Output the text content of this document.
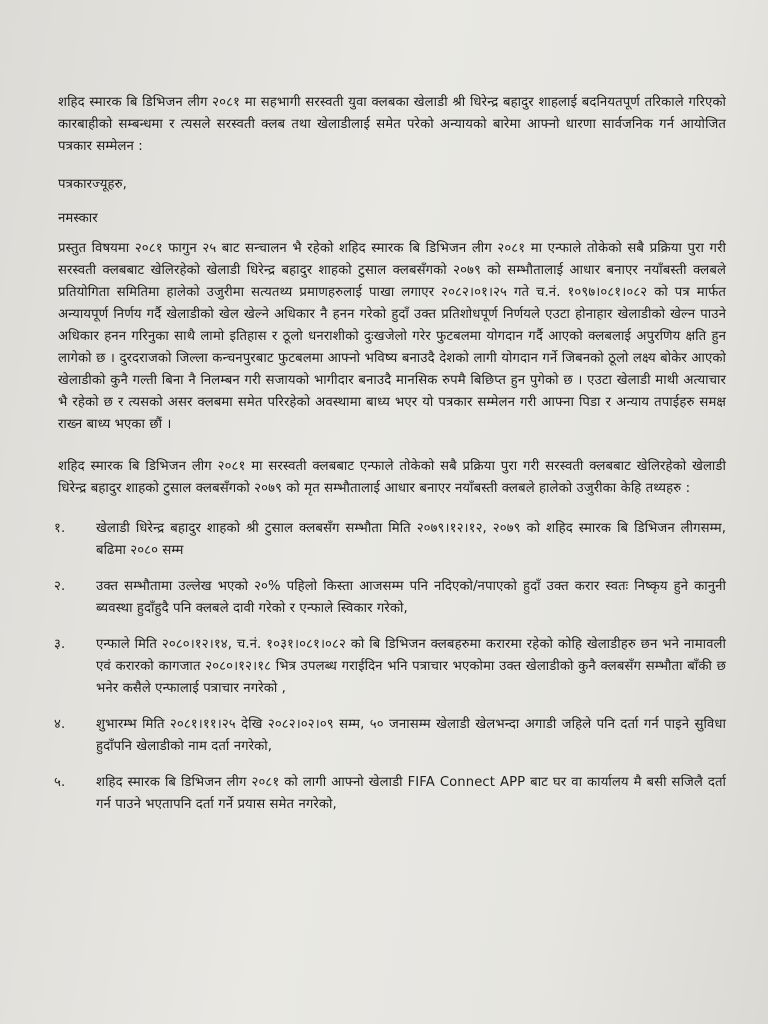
शहिद स्मारक बि डिभिजन लीग २०८१ मा सहभागी सरस्वती युवा क्लबका खेलाडी श्री धिरेन्द्र बहादुर शाहलाई बदनियतपूर्ण तरिकाले गरिएको कारबाहीको सम्बन्धमा र त्यसले सरस्वती क्लब तथा खेलाडीलाई समेत परेको अन्यायको बारेमा आफ्नो धारणा सार्वजनिक गर्न आयोजित पत्रकार सम्मेलन :

पत्रकारज्यूहरु,

नमस्कार

प्रस्तुत विषयमा २०८१ फागुन २५ बाट सन्चालन भै रहेको शहिद स्मारक बि डिभिजन लीग २०८१ मा एन्फाले तोकेको सबै प्रक्रिया पुरा गरी सरस्वती क्लबबाट खेलिरहेको खेलाडी धिरेन्द्र बहादुर शाहको टुसाल क्लबसँगको २०७९ को सम्भौतालाई आधार बनाएर नयाँबस्ती क्लबले प्रतियोगिता समितिमा हालेको उजुरीमा सत्यतथ्य प्रमाणहरुलाई पाखा लगाएर २०८२।०१।२५ गते च.नं. १०९७।०८१।०८२ को पत्र मार्फत अन्यायपूर्ण निर्णय गर्दै खेलाडीको खेल खेल्ने अधिकार नै हनन गरेको हुदाँ उक्त प्रतिशोधपूर्ण निर्णयले एउटा होनाहार खेलाडीको खेल्न पाउने अधिकार हनन गरिनुका साथै लामो इतिहास र ठूलो धनराशीको दुःखजेलो गरेर फुटबलमा योगदान गर्दै आएको क्लबलाई अपुरणिय क्षति हुन लागेको छ । दुरदराजको जिल्ला कन्चनपुरबाट फुटबलमा आफ्नो भविष्य बनाउदै देशको लागी योगदान गर्ने जिबनको ठूलो लक्ष्य बोकेर आएको खेलाडीको कुनै गल्ती बिना नै निलम्बन गरी सजायको भागीदार बनाउदै मानसिक रुपमै बिछिप्त हुन पुगेको छ । एउटा खेलाडी माथी अत्याचार भै रहेको छ र त्यसको असर क्लबमा समेत परिरहेको अवस्थामा बाध्य भएर यो पत्रकार सम्मेलन गरी आफ्ना पिडा र अन्याय तपाईहरु समक्ष राख्न बाध्य भएका छौं ।

शहिद स्मारक बि डिभिजन लीग २०८१ मा सरस्वती क्लबबाट एन्फाले तोकेको सबै प्रक्रिया पुरा गरी सरस्वती क्लबबाट खेलिरहेको खेलाडी धिरेन्द्र बहादुर शाहको टुसाल क्लबसँगको २०७९ को मृत सम्भौतालाई आधार बनाएर नयाँबस्ती क्लबले हालेको उजुरीका केहि तथ्यहरु :

१.	खेलाडी धिरेन्द्र बहादुर शाहको श्री टुसाल क्लबसँग सम्भौता मिति २०७९।१२।१२, २०७९ को शहिद स्मारक बि डिभिजन लीगसम्म, बढिमा २०८० सम्म
२.	उक्त सम्भौतामा उल्लेख भएको २०% पहिलो किस्ता आजसम्म पनि नदिएको/नपाएको हुदाँ उक्त करार स्वतः निष्कृय हुने कानुनी ब्यवस्था हुदाँहुदै पनि क्लबले दावी गरेको र एन्फाले स्विकार गरेको,
३.	एन्फाले मिति २०८०।१२।१४, च.नं. १०३१।०८१।०८२ को बि डिभिजन क्लबहरुमा करारमा रहेको कोहि खेलाडीहरु छन भने नामावली एवं करारको कागजात २०८०।१२।१८ भित्र उपलब्ध गराईदिन भनि पत्राचार भएकोमा उक्त खेलाडीको कुनै क्लबसँग सम्भौता बाँकी छ भनेर कसैले एन्फालाई पत्राचार नगरेको ,
४.	शुभारम्भ मिति २०८१।११।२५ देखि २०८२।०२।०९ सम्म, ५० जनासम्म खेलाडी खेलभन्दा अगाडी जहिले पनि दर्ता गर्न पाइने सुविधा हुदाँपनि खेलाडीको नाम दर्ता नगरेको,
५.	शहिद स्मारक बि डिभिजन लीग २०८१ को लागी आफ्नो खेलाडी FIFA Connect APP बाट घर वा कार्यालय मै बसी सजिलै दर्ता गर्न पाउने भएतापनि दर्ता गर्ने प्रयास समेत नगरेको,
